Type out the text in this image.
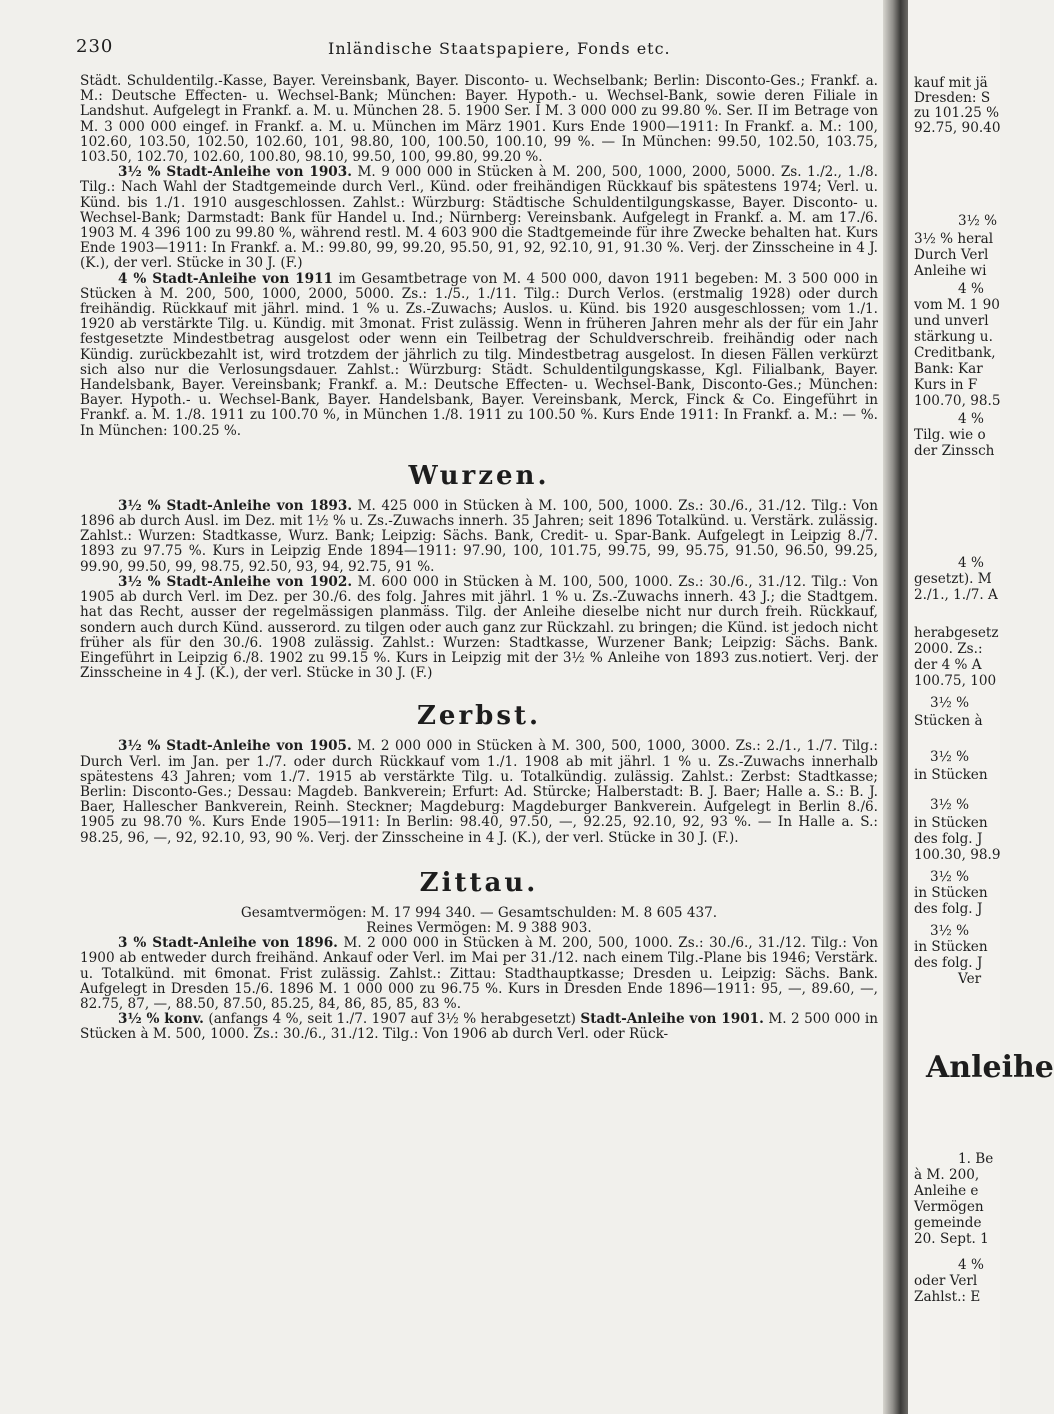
230	Inländische Staatspapiere, Fonds etc.

Städt. Schuldentilg.-Kasse, Bayer. Vereinsbank, Bayer. Disconto- u. Wechselbank; Berlin: Disconto-Ges.; Frankf. a. M.: Deutsche Effecten- u. Wechsel-Bank; München: Bayer. Hypoth.- u. Wechsel-Bank, sowie deren Filiale in Landshut. Aufgelegt in Frankf. a. M. u. München 28. 5. 1900 Ser. I M. 3 000 000 zu 99.80 %. Ser. II im Betrage von M. 3 000 000 eingef. in Frankf. a. M. u. München im März 1901. Kurs Ende 1900—1911: In Frankf. a. M.: 100, 102.60, 103.50, 102.50, 102.60, 101, 98.80, 100, 100.50, 100.10, 99 %. — In München: 99.50, 102.50, 103.75, 103.50, 102.70, 102.60, 100.80, 98.10, 99.50, 100, 99.80, 99.20 %.

3½ % Stadt-Anleihe von 1903. M. 9 000 000 in Stücken à M. 200, 500, 1000, 2000, 5000. Zs. 1./2., 1./8. Tilg.: Nach Wahl der Stadtgemeinde durch Verl., Künd. oder freihändigen Rückkauf bis spätestens 1974; Verl. u. Künd. bis 1./1. 1910 ausgeschlossen. Zahlst.: Würzburg: Städtische Schuldentilgungskasse, Bayer. Disconto- u. Wechsel-Bank; Darmstadt: Bank für Handel u. Ind.; Nürnberg: Vereinsbank. Aufgelegt in Frankf. a. M. am 17./6. 1903 M. 4 396 100 zu 99.80 %, während restl. M. 4 603 900 die Stadtgemeinde für ihre Zwecke behalten hat. Kurs Ende 1903—1911: In Frankf. a. M.: 99.80, 99, 99.20, 95.50, 91, 92, 92.10, 91, 91.30 %. Verj. der Zinsscheine in 4 J. (K.), der verl. Stücke in 30 J. (F.)

4 % Stadt-Anleihe von 1911 im Gesamtbetrage von M. 4 500 000, davon 1911 begeben: M. 3 500 000 in Stücken à M. 200, 500, 1000, 2000, 5000. Zs.: 1./5., 1./11. Tilg.: Durch Verlos. (erstmalig 1928) oder durch freihändig. Rückkauf mit jährl. mind. 1 % u. Zs.-Zuwachs; Auslos. u. Künd. bis 1920 ausgeschlossen; vom 1./1. 1920 ab verstärkte Tilg. u. Kündig. mit 3monat. Frist zulässig. Wenn in früheren Jahren mehr als der für ein Jahr festgesetzte Mindestbetrag ausgelost oder wenn ein Teilbetrag der Schuldverschreib. freihändig oder nach Kündig. zurückbezahlt ist, wird trotzdem der jährlich zu tilg. Mindestbetrag ausgelost. In diesen Fällen verkürzt sich also nur die Verlosungsdauer. Zahlst.: Würzburg: Städt. Schuldentilgungskasse, Kgl. Filialbank, Bayer. Handelsbank, Bayer. Vereinsbank; Frankf. a. M.: Deutsche Effecten- u. Wechsel-Bank, Disconto-Ges.; München: Bayer. Hypoth.- u. Wechsel-Bank, Bayer. Handelsbank, Bayer. Vereinsbank, Merck, Finck & Co. Eingeführt in Frankf. a. M. 1./8. 1911 zu 100.70 %, in München 1./8. 1911 zu 100.50 %. Kurs Ende 1911: In Frankf. a. M.: — %. In München: 100.25 %.

Wurzen.

3½ % Stadt-Anleihe von 1893. M. 425 000 in Stücken à M. 100, 500, 1000. Zs.: 30./6., 31./12. Tilg.: Von 1896 ab durch Ausl. im Dez. mit 1½ % u. Zs.-Zuwachs innerh. 35 Jahren; seit 1896 Totalkünd. u. Verstärk. zulässig. Zahlst.: Wurzen: Stadtkasse, Wurz. Bank; Leipzig: Sächs. Bank, Credit- u. Spar-Bank. Aufgelegt in Leipzig 8./7. 1893 zu 97.75 %. Kurs in Leipzig Ende 1894—1911: 97.90, 100, 101.75, 99.75, 99, 95.75, 91.50, 96.50, 99.25, 99.90, 99.50, 99, 98.75, 92.50, 93, 94, 92.75, 91 %.

3½ % Stadt-Anleihe von 1902. M. 600 000 in Stücken à M. 100, 500, 1000. Zs.: 30./6., 31./12. Tilg.: Von 1905 ab durch Verl. im Dez. per 30./6. des folg. Jahres mit jährl. 1 % u. Zs.-Zuwachs innerh. 43 J.; die Stadtgem. hat das Recht, ausser der regelmässigen planmäss. Tilg. der Anleihe dieselbe nicht nur durch freih. Rückkauf, sondern auch durch Künd. ausserord. zu tilgen oder auch ganz zur Rückzahl. zu bringen; die Künd. ist jedoch nicht früher als für den 30./6. 1908 zulässig. Zahlst.: Wurzen: Stadtkasse, Wurzener Bank; Leipzig: Sächs. Bank. Eingeführt in Leipzig 6./8. 1902 zu 99.15 %. Kurs in Leipzig mit der 3½ % Anleihe von 1893 zus.notiert. Verj. der Zinsscheine in 4 J. (K.), der verl. Stücke in 30 J. (F.)

Zerbst.

3½ % Stadt-Anleihe von 1905. M. 2 000 000 in Stücken à M. 300, 500, 1000, 3000. Zs.: 2./1., 1./7. Tilg.: Durch Verl. im Jan. per 1./7. oder durch Rückkauf vom 1./1. 1908 ab mit jährl. 1 % u. Zs.-Zuwachs innerhalb spätestens 43 Jahren; vom 1./7. 1915 ab verstärkte Tilg. u. Totalkündig. zulässig. Zahlst.: Zerbst: Stadtkasse; Berlin: Disconto-Ges.; Dessau: Magdeb. Bankverein; Erfurt: Ad. Stürcke; Halberstadt: B. J. Baer; Halle a. S.: B. J. Baer, Hallescher Bankverein, Reinh. Steckner; Magdeburg: Magdeburger Bankverein. Aufgelegt in Berlin 8./6. 1905 zu 98.70 %. Kurs Ende 1905—1911: In Berlin: 98.40, 97.50, —, 92.25, 92.10, 92, 93 %. — In Halle a. S.: 98.25, 96, —, 92, 92.10, 93, 90 %. Verj. der Zinsscheine in 4 J. (K.), der verl. Stücke in 30 J. (F.).

Zittau.

Gesamtvermögen: M. 17 994 340. — Gesamtschulden: M. 8 605 437.

Reines Vermögen: M. 9 388 903.

3 % Stadt-Anleihe von 1896. M. 2 000 000 in Stücken à M. 200, 500, 1000. Zs.: 30./6., 31./12. Tilg.: Von 1900 ab entweder durch freihänd. Ankauf oder Verl. im Mai per 31./12. nach einem Tilg.-Plane bis 1946; Verstärk. u. Totalkünd. mit 6monat. Frist zulässig. Zahlst.: Zittau: Stadthauptkasse; Dresden u. Leipzig: Sächs. Bank. Aufgelegt in Dresden 15./6. 1896 M. 1 000 000 zu 96.75 %. Kurs in Dresden Ende 1896—1911: 95, —, 89.60, —, 82.75, 87, —, 88.50, 87.50, 85.25, 84, 86, 85, 85, 83 %.

3½ % konv. (anfangs 4 %, seit 1./7. 1907 auf 3½ % herabgesetzt) Stadt-Anleihe von 1901. M. 2 500 000 in Stücken à M. 500, 1000. Zs.: 30./6., 31./12. Tilg.: Von 1906 ab durch Verl. oder Rück-

kauf mit jä
Dresden: S
zu 101.25 %
92.75, 90.40
3½ %
3½ % heral
Durch Verl
Anleihe wi
4 %
vom M. 1 90
und unverl
stärkung u.
Creditbank,
Bank: Kar
Kurs in F
100.70, 98.5
4 %
Tilg. wie o
der Zinssch
4 %
gesetzt). M
2./1., 1./7. A
herabgesetz
2000. Zs.:
der 4 % A
100.75, 100
3½ %
Stücken à
3½ %
in Stücken
3½ %
in Stücken
des folg. J
100.30, 98.9
3½ %
in Stücken
des folg. J
3½ %
in Stücken
des folg. J
Ver
Anleihe
1. Be
à M. 200,
Anleihe e
Vermögen
gemeinde
20. Sept. 1
4 %
oder Verl
Zahlst.: E
